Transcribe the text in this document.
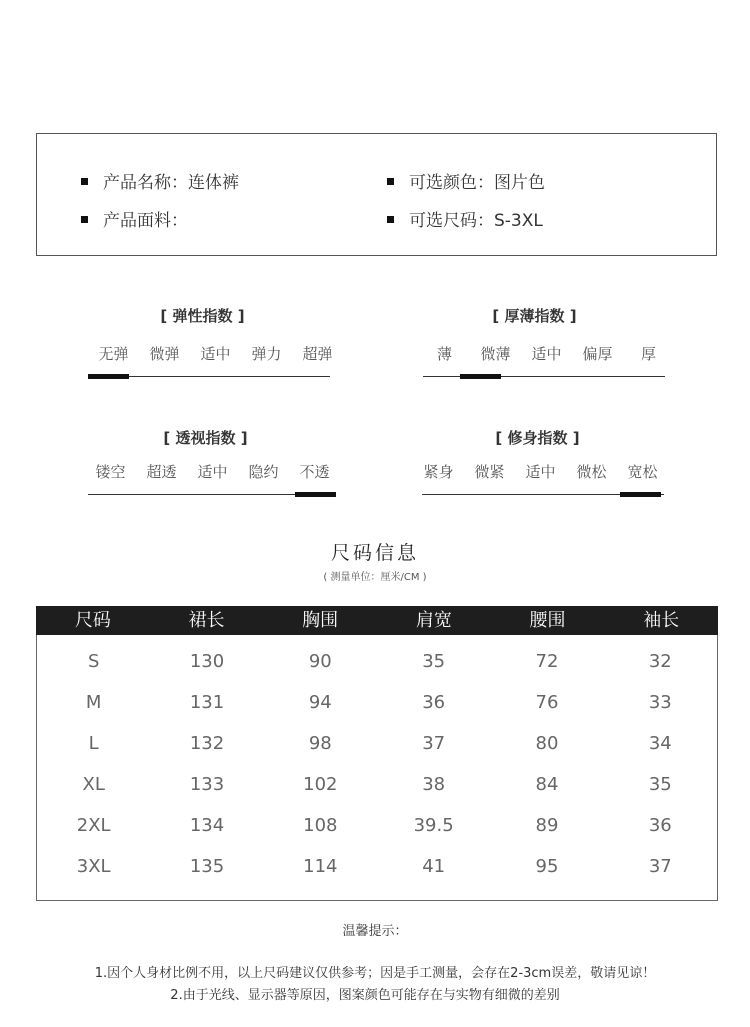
产品名称：连体裤	可选颜色：图片色
产品面料：	可选尺码：S-3XL
[ 弹性指数 ]
无弹	微弹	适中	弹力	超弹
[ 厚薄指数 ]
薄	微薄	适中	偏厚	厚
[ 透视指数 ]
镂空	超透	适中	隐约	不透
[ 修身指数 ]
紧身	微紧	适中	微松	宽松
尺码信息
( 测量单位：厘米/CM )
尺码	裙长	胸围	肩宽	腰围	袖长
S	130	90	35	72	32
M	131	94	36	76	33
L	132	98	37	80	34
XL	133	102	38	84	35
2XL	134	108	39.5	89	36
3XL	135	114	41	95	37
温馨提示：
1.因个人身材比例不用，以上尺码建议仅供参考；因是手工测量，会存在2-3cm误差，敬请见谅！
2.由于光线、显示器等原因，图案颜色可能存在与实物有细微的差别
